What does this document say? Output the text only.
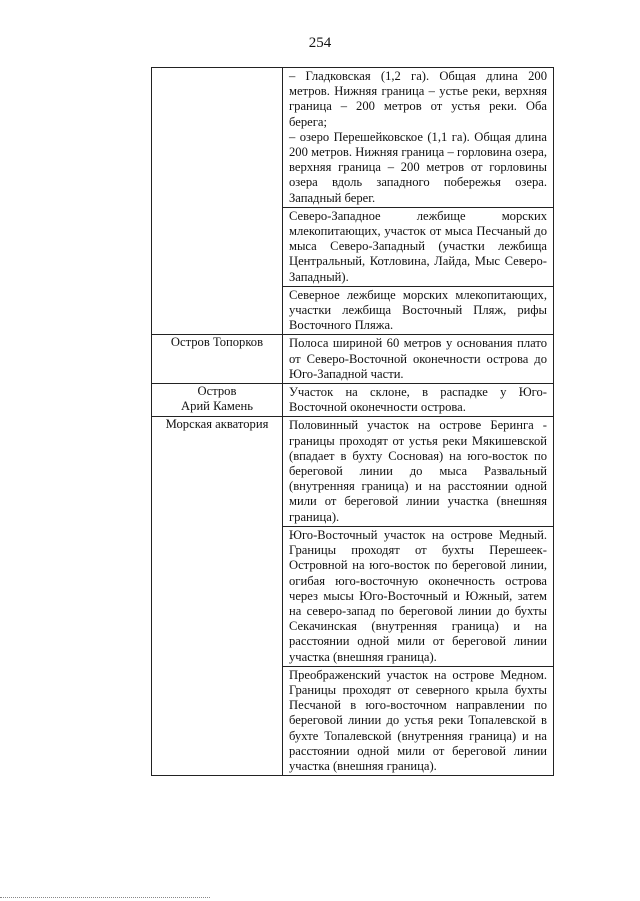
254

	– Гладковская (1,2 га). Общая длина 200 метров. Нижняя граница – устье реки, верхняя граница – 200 метров от устья реки. Оба берега;

– озеро Перешейковское (1,1 га). Общая длина 200 метров. Нижняя граница – горловина озера, верхняя граница – 200 метров от горловины озера вдоль западного побережья озера. Западный берег.

Северо-Западное лежбище морских млекопитающих, участок от мыса Песчаный до мыса Северо-Западный (участки лежбища Центральный, Котловина, Лайда, Мыс Северо-Западный).

Северное лежбище морских млекопитающих, участки лежбища Восточный Пляж, рифы Восточного Пляжа.

Остров Топорков	Полоса шириной 60 метров у основания плато от Северо-Восточной оконечности острова до Юго-Западной части.

Остров
Арий Камень	Участок на склоне, в распадке у Юго-Восточной оконечности острова.

Морская акватория	Половинный участок на острове Беринга - границы проходят от устья реки Мякишевской (впадает в бухту Сосновая) на юго-восток по береговой линии до мыса Развальный (внутренняя граница) и на расстоянии одной мили от береговой линии участка (внешняя граница).

Юго-Восточный участок на острове Медный. Границы проходят от бухты Перешеек-Островной на юго-восток по береговой линии, огибая юго-восточную оконечность острова через мысы Юго-Восточный и Южный, затем на северо-запад по береговой линии до бухты Секачинская (внутренняя граница) и на расстоянии одной мили от береговой линии участка (внешняя граница).

Преображенский участок на острове Медном. Границы проходят от северного крыла бухты Песчаной в юго-восточном направлении по береговой линии до устья реки Топалевской в бухте Топалевской (внутренняя граница) и на расстоянии одной мили от береговой линии участка (внешняя граница).
